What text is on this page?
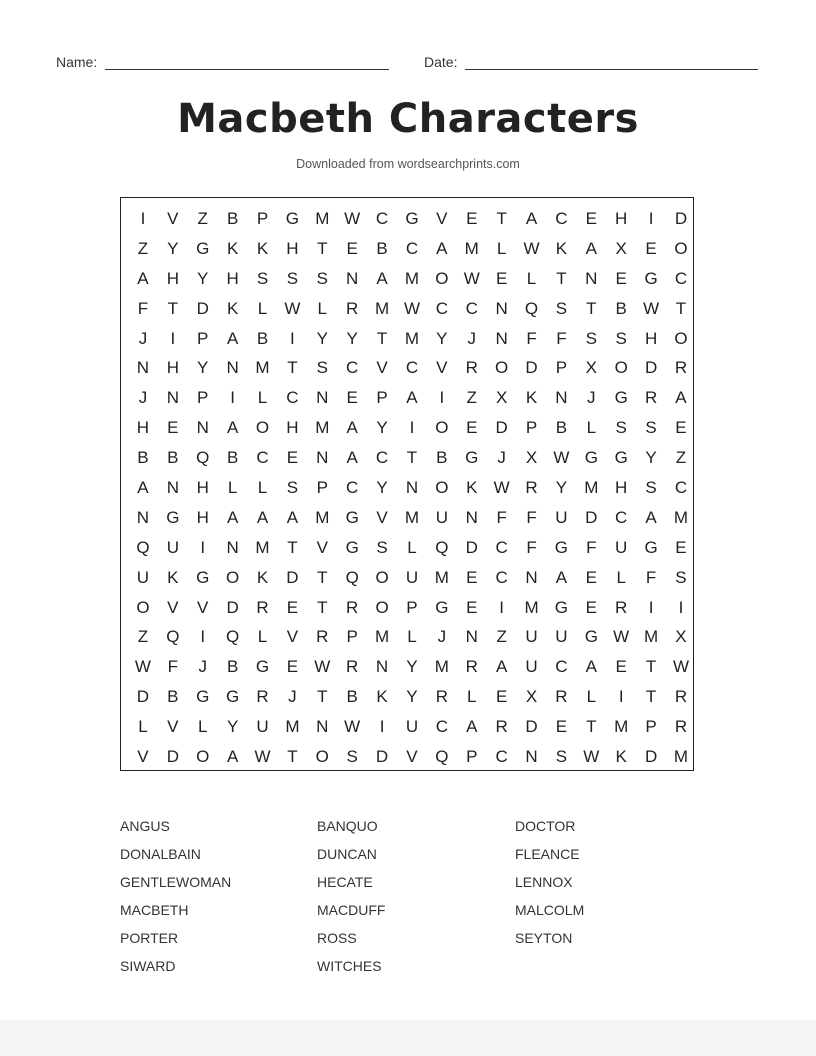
Name:	Date:
Macbeth Characters
Downloaded from wordsearchprints.com
I	V	Z	B	P	G M W C	G	V	E	T	A	C	E	H	I	D
Z	Y	G	K	K	H	T	E	B	C	A	M	L	W K	A	X	E	O
A	H	Y	H	S	S	S	N	A	M O W E	L	T	N	E	G	C
F	T	D	K	L	W	L	R M W C	C	N	Q	S	T	B W T
J	I	P	A	B	I	Y	Y	T	M	Y	J	N	F	F	S	S	H	O
N	H	Y	N M	T	S	C	V	C	V	R	O	D	P	X	O	D	R
J	N	P	I	L	C	N	E	P	A	I	Z	X	K	N	J	G	R	A
H	E	N	A	O	H M	A	Y	I	O	E	D	P	B	L	S	S	E
B	B	Q	B	C	E	N	A	C	T	B	G	J	X W G G	Y	Z
A	N	H	L	L	S	P	C	Y	N	O	K W R	Y	M H	S	C
N	G	H	A	A	A	M G	V	M U	N	F	F	U	D	C	A	M
Q	U	I	N M	T	V	G	S	L	Q	D	C	F	G	F	U	G	E
U	K	G O	K	D	T	Q O	U M	E	C	N	A	E	L	F	S
O	V	V	D	R	E	T	R	O	P	G	E	I	M G	E	R	I	I
Z	Q	I	Q	L	V	R	P	M	L	J	N	Z	U	U	G W M	X
W F	J	B	G	E W R	N	Y	M R	A	U	C	A	E	T W
D	B	G G	R	J	T	B	K	Y	R	L	E	X	R	L	I	T	R
L	V	L	Y	U M N W	I	U	C	A	R	D	E	T	M	P	R
V	D	O	A W T	O	S	D	V	Q	P	C	N	S W K	D M
ANGUS	BANQUO	DOCTOR
DONALBAIN	DUNCAN	FLEANCE
GENTLEWOMAN	HECATE	LENNOX
MACBETH	MACDUFF	MALCOLM
PORTER	ROSS	SEYTON
SIWARD	WITCHES
